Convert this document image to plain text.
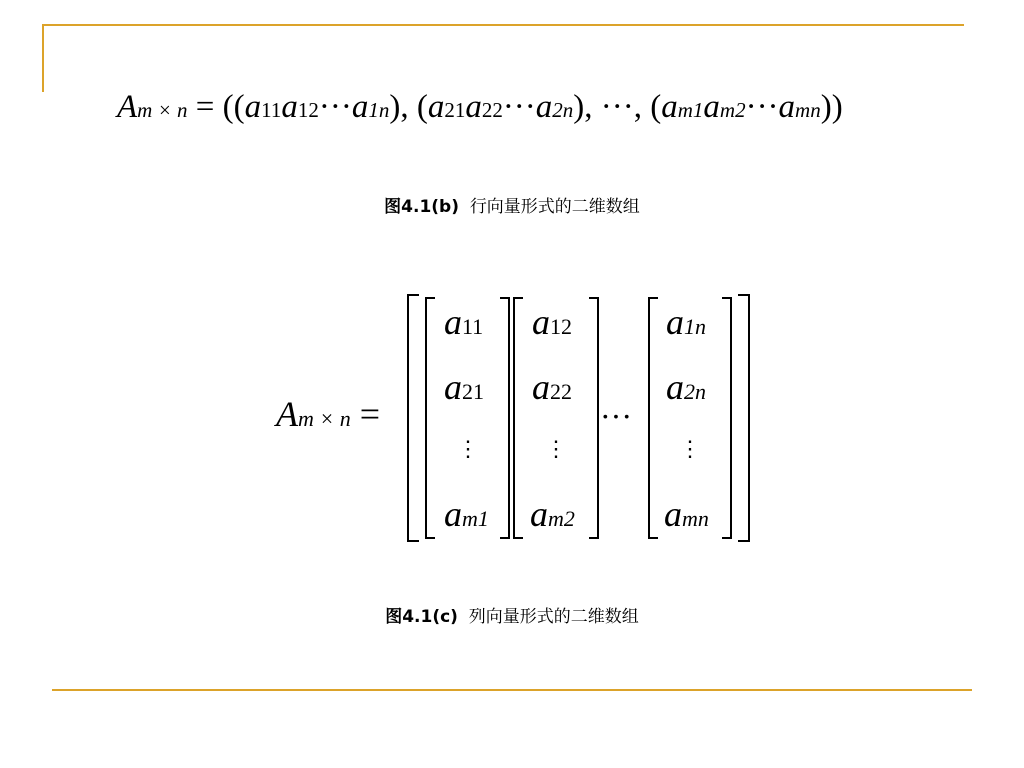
Am × n = ((a11a12···a1n), (a21a22···a2n), ···, (am1am2···amn))
图4.1(b) 行向量形式的二维数组
Am × n =
a11
a21
⋮
am1
a12
a22
⋮
am2
···
a1n
a2n
⋮
amn
图4.1(c) 列向量形式的二维数组
